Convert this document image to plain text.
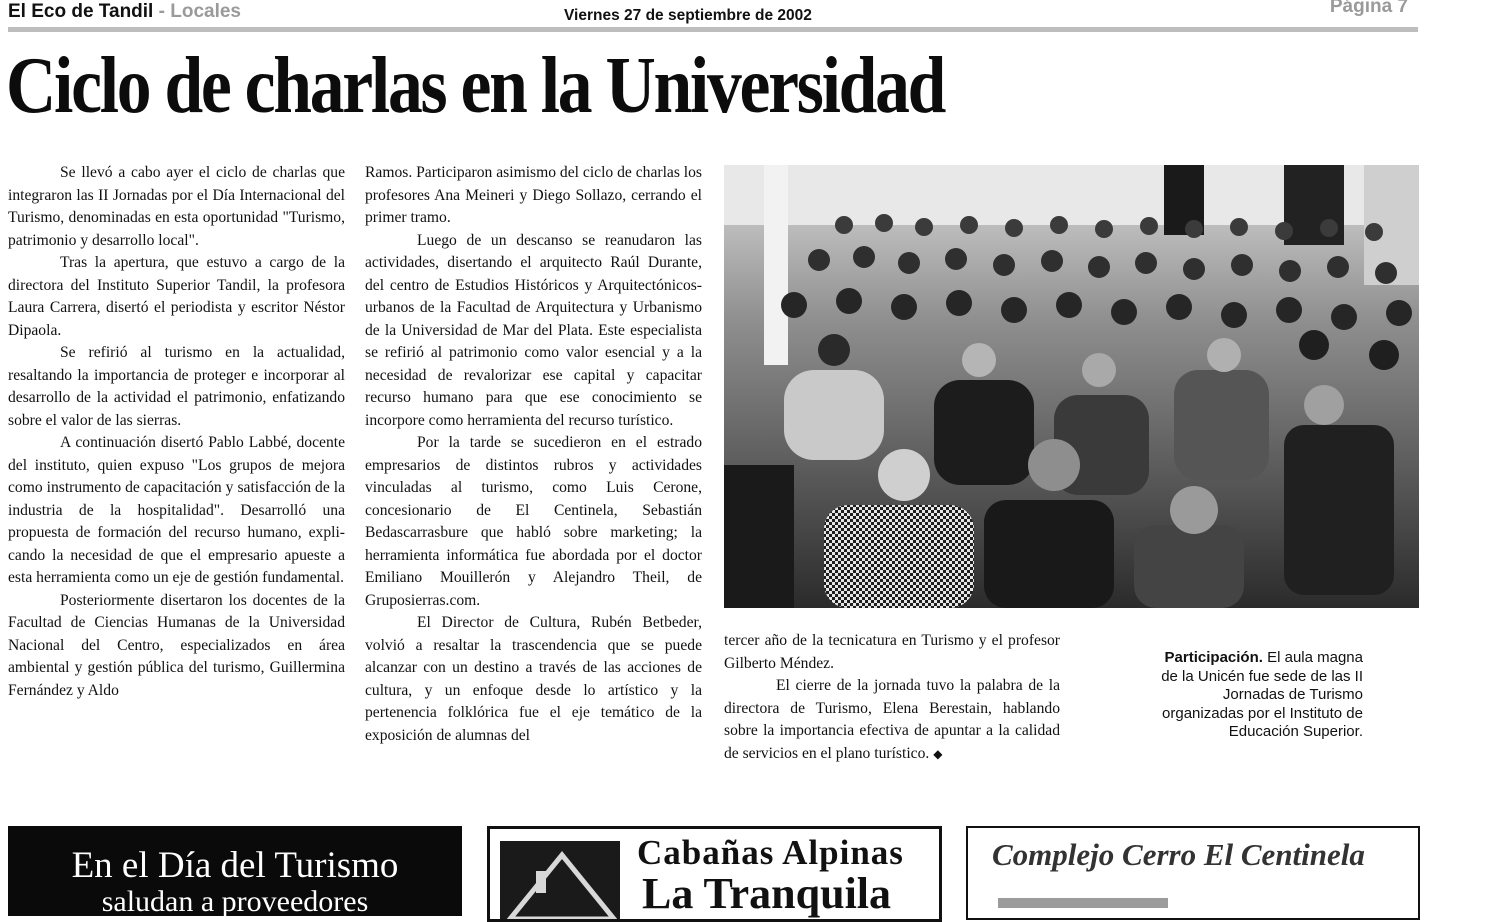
El Eco de Tandil - Locales	Viernes 27 de septiembre de 2002	Página 7
Ciclo de charlas en la Universidad

Se llevó a cabo ayer el ciclo de charlas que integraron las II Jornadas por el Día Internacional del Turismo, denominadas en esta oportunidad "Turismo, patrimonio y desarrollo local".

Tras la apertura, que estuvo a cargo de la directora del Instituto Superior Tandil, la profesora Laura Carrera, disertó el periodista y escritor Néstor Dipaola.

Se refirió al turismo en la actualidad, resaltando la importancia de proteger e incorporar al desarrollo de la actividad el patrimonio, enfatizando sobre el valor de las sierras.

A continuación disertó Pablo Labbé, docente del instituto, quien expuso "Los grupos de mejora como instrumento de capacitación y satisfacción de la industria de la hospitalidad". Desarrolló una propuesta de formación del recurso humano, explicando la necesidad de que el empresario apueste a esta herramienta como un eje de gestión fundamental.

Posteriormente disertaron los docentes de la Facultad de Ciencias Humanas de la Universidad Nacional del Centro, especializados en área ambiental y gestión pública del turismo, Guillermina Fernández y Aldo

Ramos. Participaron asimismo del ciclo de charlas los profesores Ana Meineri y Diego Sollazo, cerrando el primer tramo.

Luego de un descanso se reanudaron las actividades, disertando el arquitecto Raúl Durante, del centro de Estudios Históricos y Arquitectónicos-urbanos de la Facultad de Arquitectura y Urbanismo de la Universidad de Mar del Plata. Este especialista se refirió al patrimonio como valor esencial y a la necesidad de revalorizar ese capital y capacitar recurso humano para que ese conocimiento se incorpore como herramienta del recurso turístico.

Por la tarde se sucedieron en el estrado empresarios de distintos rubros y actividades vinculadas al turismo, como Luis Cerone, concesionario de El Centinela, Sebastián Bedascarrasbure que habló sobre marketing; la herramienta informática fue abordada por el doctor Emiliano Mouillerón y Alejandro Theil, de Gruposierras.com.

El Director de Cultura, Rubén Betbeder, volvió a resaltar la trascendencia que se puede alcanzar con un destino a través de las acciones de cultura, y un enfoque desde lo artístico y la pertenencia folklórica fue el eje temático de la exposición de alumnas del

tercer año de la tecnicatura en Turismo y el profesor Gilberto Méndez.

El cierre de la jornada tuvo la palabra de la directora de Turismo, Elena Berestain, hablando sobre la importancia efectiva de apuntar a la calidad de servicios en el plano turístico. ◆

Participación. El aula magna de la Unicén fue sede de las II Jornadas de Turismo organizadas por el Instituto de Educación Superior.
En el Día del Turismo
saludan a proveedores
Cabañas Alpinas
La Tranquila
Complejo Cerro El Centinela
